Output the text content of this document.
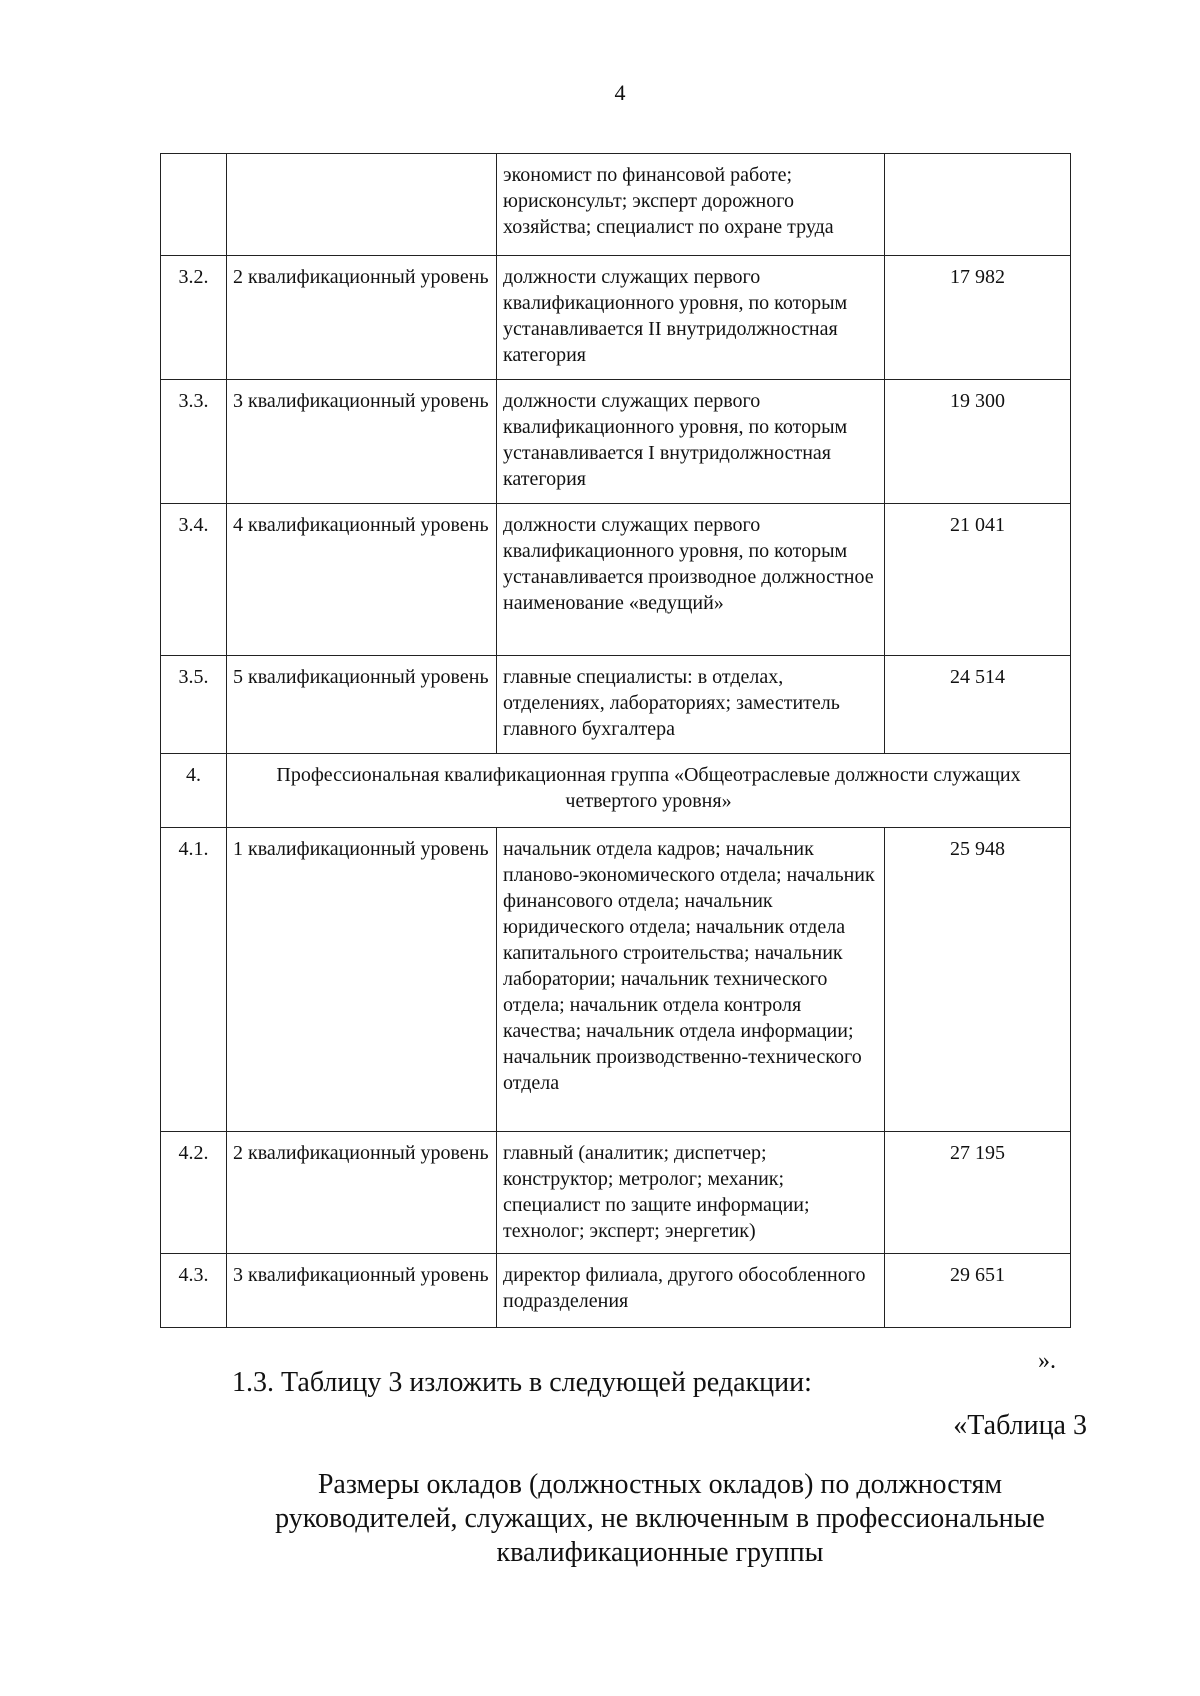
4
		экономист по финансовой работе; юрисконсульт; эксперт дорожного хозяйства; специалист по охране труда	
3.2.	2 квалификационный уровень	должности служащих первого квалификационного уровня, по которым устанавливается II внутридолжностная категория	17 982
3.3.	3 квалификационный уровень	должности служащих первого квалификационного уровня, по которым устанавливается I внутридолжностная категория	19 300
3.4.	4 квалификационный уровень	должности служащих первого квалификационного уровня, по которым устанавливается производное должностное наименование «ведущий»	21 041
3.5.	5 квалификационный уровень	главные специалисты: в отделах, отделениях, лабораториях; заместитель главного бухгалтера	24 514
4.	Профессиональная квалификационная группа «Общеотраслевые должности служащих четвертого уровня»		
4.1.	1 квалификационный уровень	начальник отдела кадров; начальник планово-экономического отдела; начальник финансового отдела; начальник юридического отдела; начальник отдела капитального строительства; начальник лаборатории; начальник технического отдела; начальник отдела контроля качества; начальник отдела информации; начальник производственно-технического отдела	25 948
4.2.	2 квалификационный уровень	главный (аналитик; диспетчер; конструктор; метролог; механик; специалист по защите информации; технолог; эксперт; энергетик)	27 195
4.3.	3 квалификационный уровень	директор филиала, другого обособленного подразделения	29 651
».
1.3. Таблицу 3 изложить в следующей редакции:
«Таблица 3
Размеры окладов (должностных окладов) по должностям
руководителей, служащих, не включенным в профессиональные
квалификационные группы
